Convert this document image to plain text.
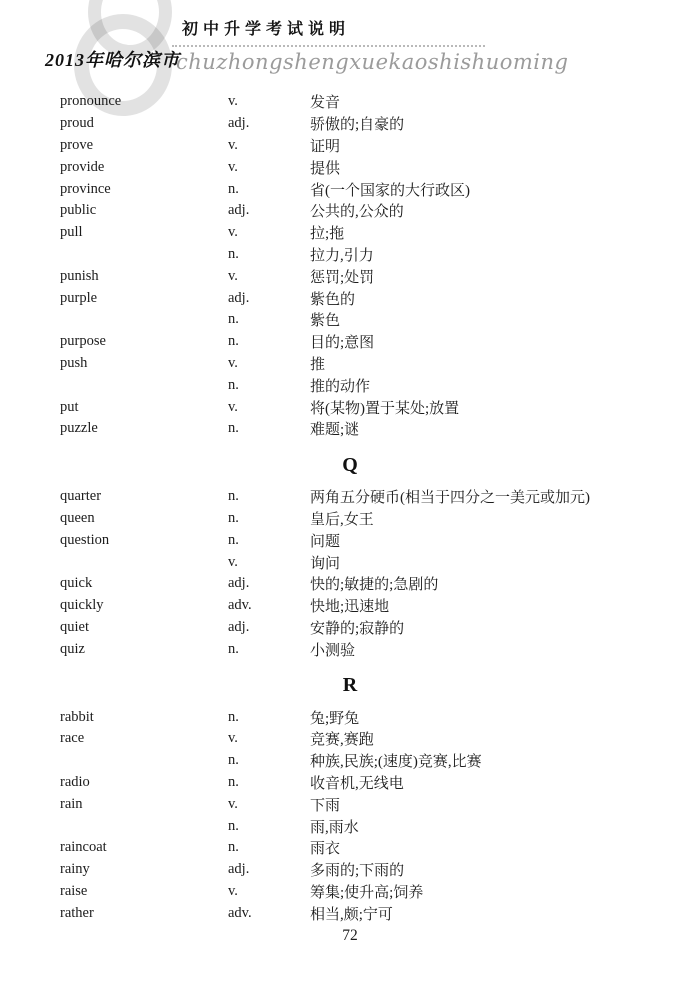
2013年哈尔滨市
初中升学考试说明
chuzhongshengxuekaoshishuoming
pronounce	v.	发音
proud	adj.	骄傲的;自豪的
prove	v.	证明
provide	v.	提供
province	n.	省(一个国家的大行政区)
public	adj.	公共的,公众的
pull	v.	拉;拖
n.	拉力,引力
punish	v.	惩罚;处罚
purple	adj.	紫色的
n.	紫色
purpose	n.	目的;意图
push	v.	推
n.	推的动作
put	v.	将(某物)置于某处;放置
puzzle	n.	难题;谜
Q
quarter	n.	两角五分硬币(相当于四分之一美元或加元)
queen	n.	皇后,女王
question	n.	问题
v.	询问
quick	adj.	快的;敏捷的;急剧的
quickly	adv.	快地;迅速地
quiet	adj.	安静的;寂静的
quiz	n.	小测验
R
rabbit	n.	兔;野兔
race	v.	竞赛,赛跑
n.	种族,民族;(速度)竞赛,比赛
radio	n.	收音机,无线电
rain	v.	下雨
n.	雨,雨水
raincoat	n.	雨衣
rainy	adj.	多雨的;下雨的
raise	v.	筹集;使升高;饲养
rather	adv.	相当,颇;宁可
72
